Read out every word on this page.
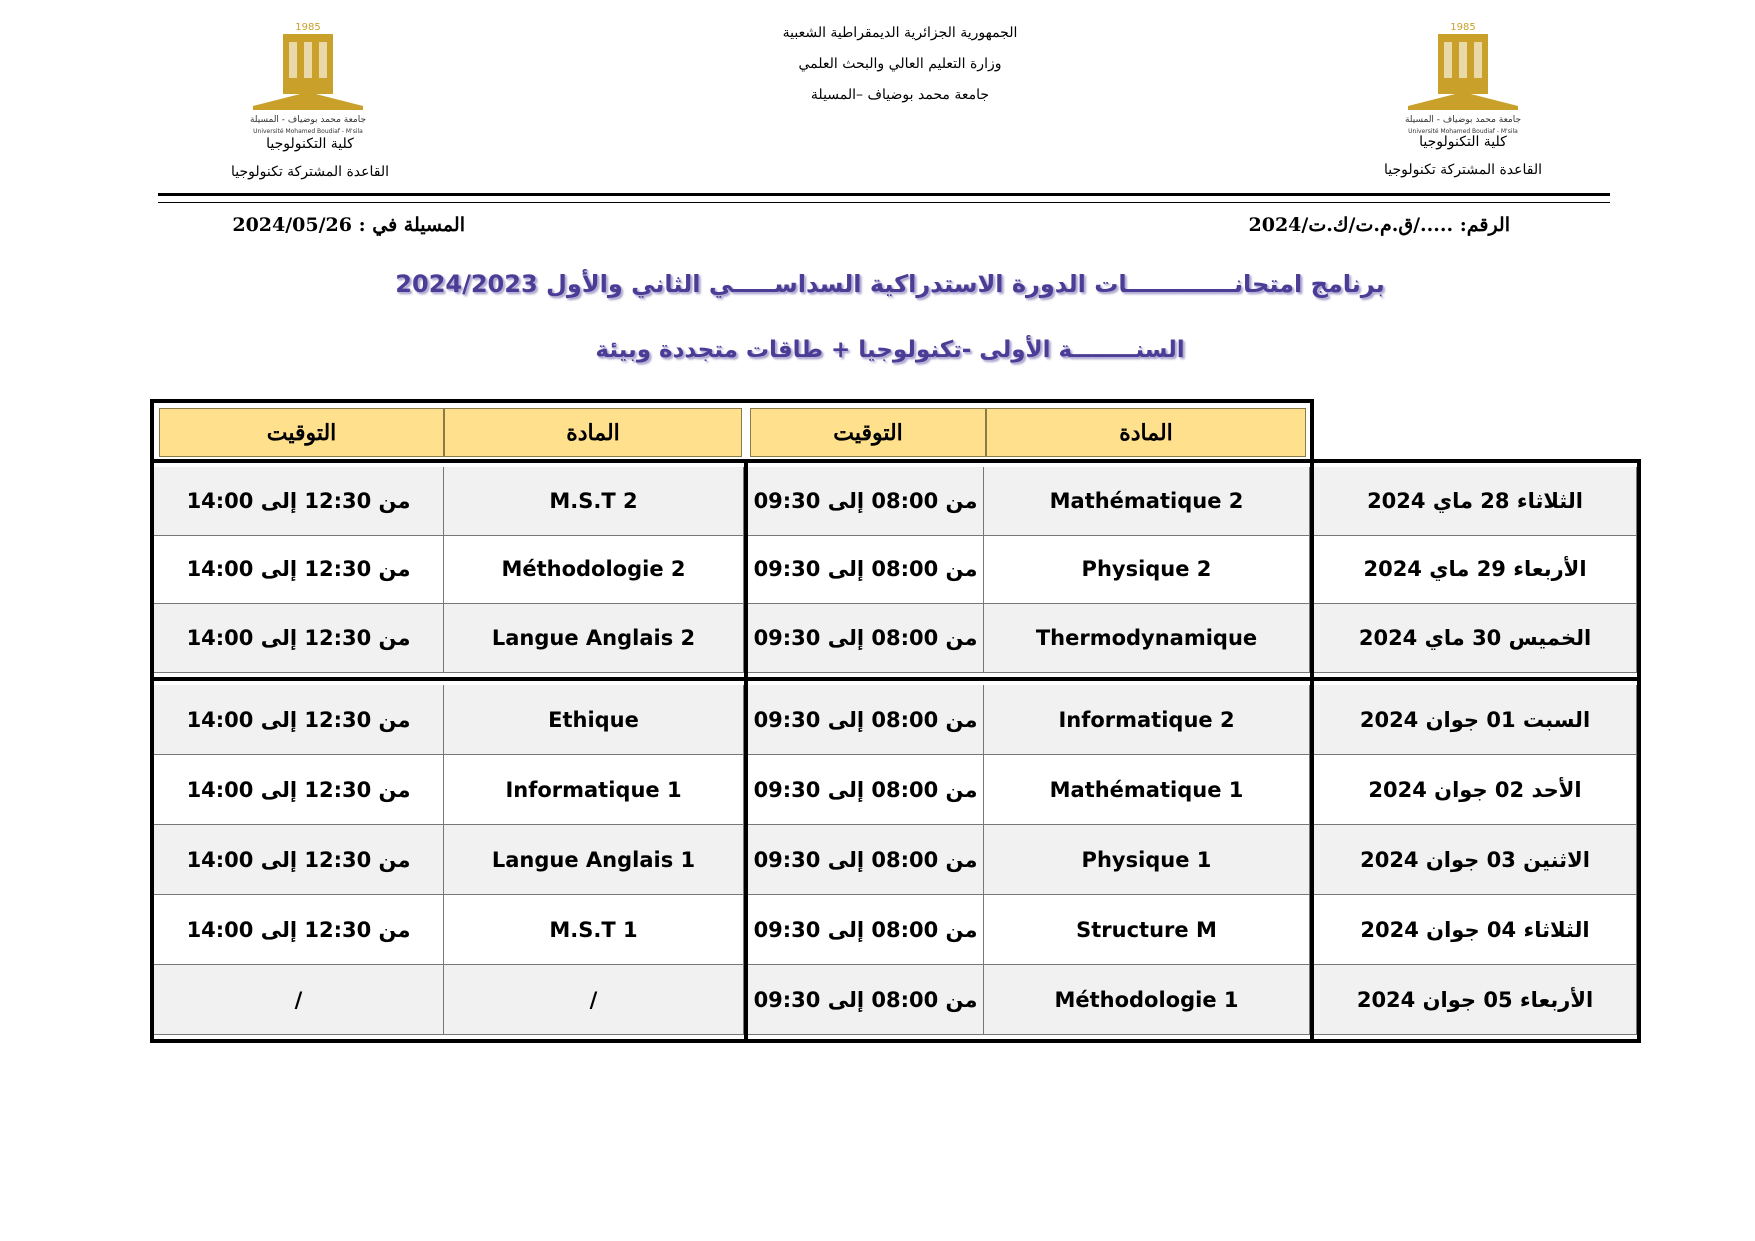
1985
جامعة محمد بوضياف - المسيلة
Université Mohamed Boudiaf - M'sila
كلية التكنولوجيا
القاعدة المشتركة تكنولوجيا
1985
جامعة محمد بوضياف - المسيلة
Université Mohamed Boudiaf - M'sila
كلية التكنولوجيا
القاعدة المشتركة تكنولوجيا
الجمهورية الجزائرية الديمقراطية الشعبية
وزارة التعليم العالي والبحث العلمي
جامعة محمد بوضياف –المسيلة
الرقم: ...../ق.م.ت/ك.ت/2024
المسيلة في : 2024/05/26
برنامج امتحانـــــــــــــات الدورة الاستدراكية السداســـــي الثاني والأول 2024/2023
السنــــــــة الأولى -تكنولوجيا + طاقات متجددة وبيئة
التوقيت	المادة	التوقيت	المادة
من 12:30 إلى 14:00	M.S.T 2	من 08:00 إلى 09:30	Mathématique 2	الثلاثاء 28 ماي 2024
من 12:30 إلى 14:00	Méthodologie 2	من 08:00 إلى 09:30	Physique 2	الأربعاء 29 ماي 2024
من 12:30 إلى 14:00	Langue Anglais 2	من 08:00 إلى 09:30	Thermodynamique	الخميس 30 ماي 2024
من 12:30 إلى 14:00	Ethique	من 08:00 إلى 09:30	Informatique 2	السبت 01 جوان 2024
من 12:30 إلى 14:00	Informatique 1	من 08:00 إلى 09:30	Mathématique 1	الأحد 02 جوان 2024
من 12:30 إلى 14:00	Langue Anglais 1	من 08:00 إلى 09:30	Physique 1	الاثنين 03 جوان 2024
من 12:30 إلى 14:00	M.S.T 1	من 08:00 إلى 09:30	Structure M	الثلاثاء 04 جوان 2024
/	/	من 08:00 إلى 09:30	Méthodologie 1	الأربعاء 05 جوان 2024
